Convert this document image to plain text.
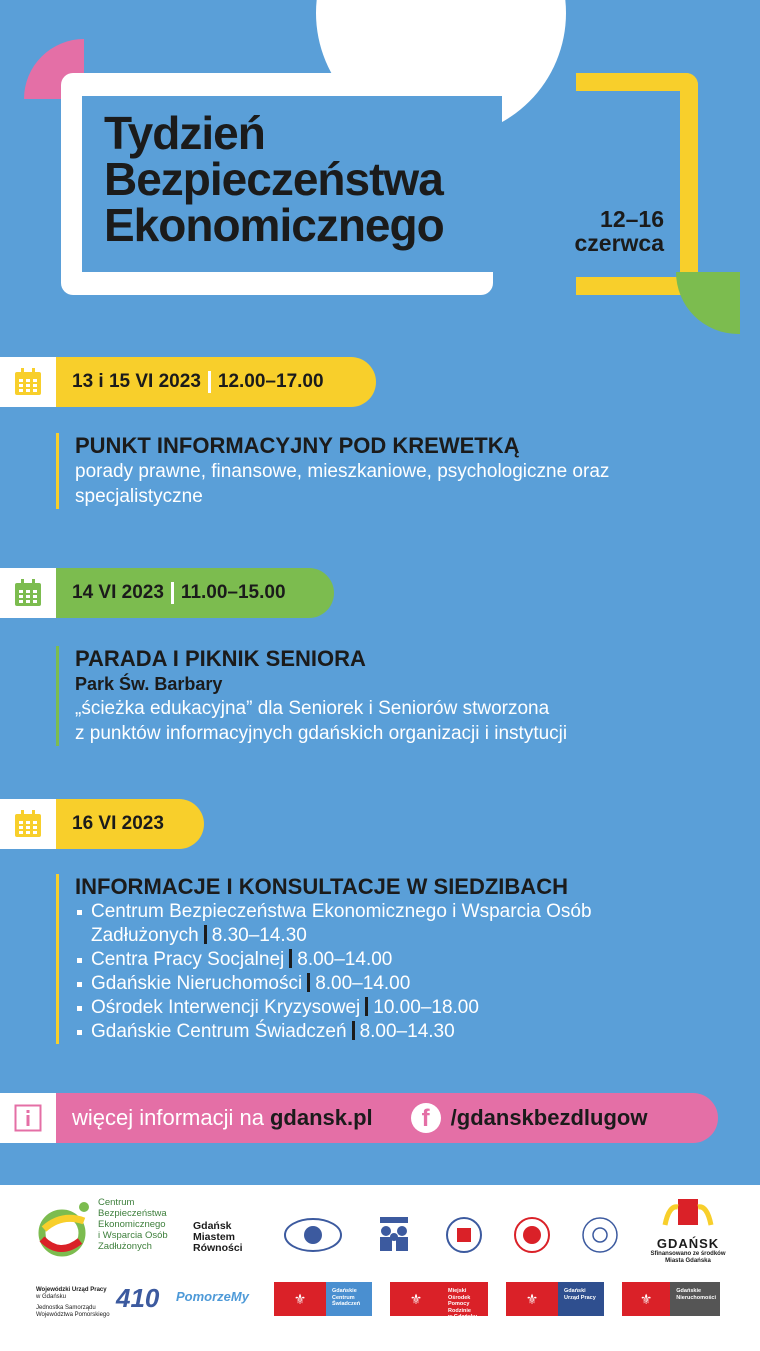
Tydzień
Bezpieczeństwa
Ekonomicznego	12–16
czerwca
13 i 15 VI 2023 12.00–17.00
PUNKT INFORMACYJNY POD KREWETKĄ

porady prawne, finansowe, mieszkaniowe, psychologiczne oraz specjalistyczne

14 VI 2023 11.00–15.00
PARADA I PIKNIK SENIORA
Park Św. Barbary

„ścieżka edukacyjna” dla Seniorek i Seniorów stworzona

z punktów informacyjnych gdańskich organizacji i instytucji

16 VI 2023
INFORMACJE I KONSULTACJE W SIEDZIBACH
Centrum Bezpieczeństwa Ekonomicznego i Wsparcia Osób
Zadłużonych 8.30–14.30
Centra Pracy Socjalnej 8.00–14.00
Gdańskie Nieruchomości 8.00–14.00
Ośrodek Interwencji Kryzysowej 10.00–18.00
Gdańskie Centrum Świadczeń 8.00–14.30
więcej informacji na gdansk.pl	f /gdanskbezdlugow
Centrum
Bezpieczeństwa
Ekonomicznego
i Wsparcia Osób
Zadłużonych
Gdańsk
Miastem
Równości	GDAŃSK
Sfinansowano ze środków
Miasta Gdańska
Wojewódzki Urząd Pracy
w Gdańsku
Jednostka Samorządu
Województwa Pomorskiego
410 PomorzeMy	⚜	Gdańskie
Centrum
Świadczeń	⚜	Miejski Ośrodek
Pomocy Rodzinie
w Gdańsku
⚜	Gdański
Urząd Pracy	⚜	Gdańskie
Nieruchomości
